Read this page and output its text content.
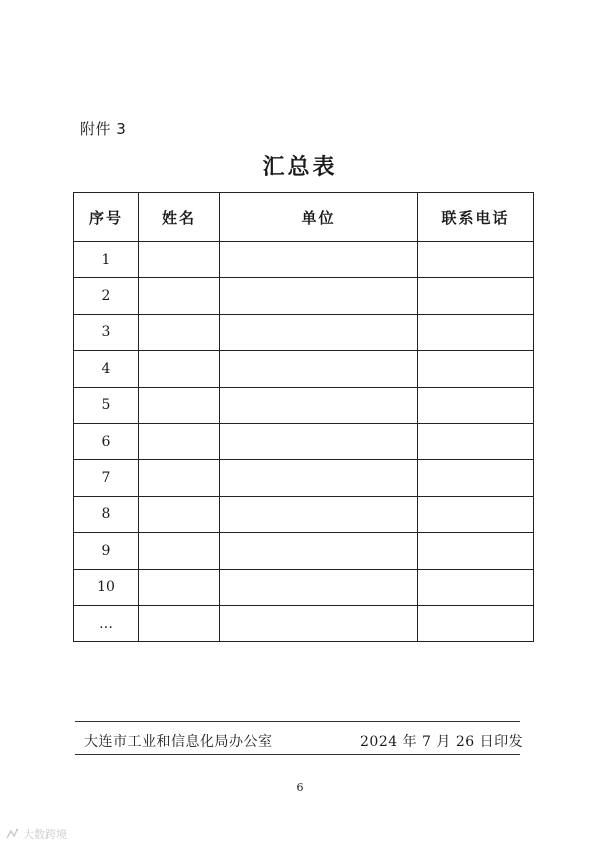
附件 3
汇总表
序号	姓名	单位	联系电话
1			
2			
3			
4			
5			
6			
7			
8			
9			
10			
…			
大连市工业和信息化局办公室	2024 年 7 月 26 日印发
6
大数跨境
